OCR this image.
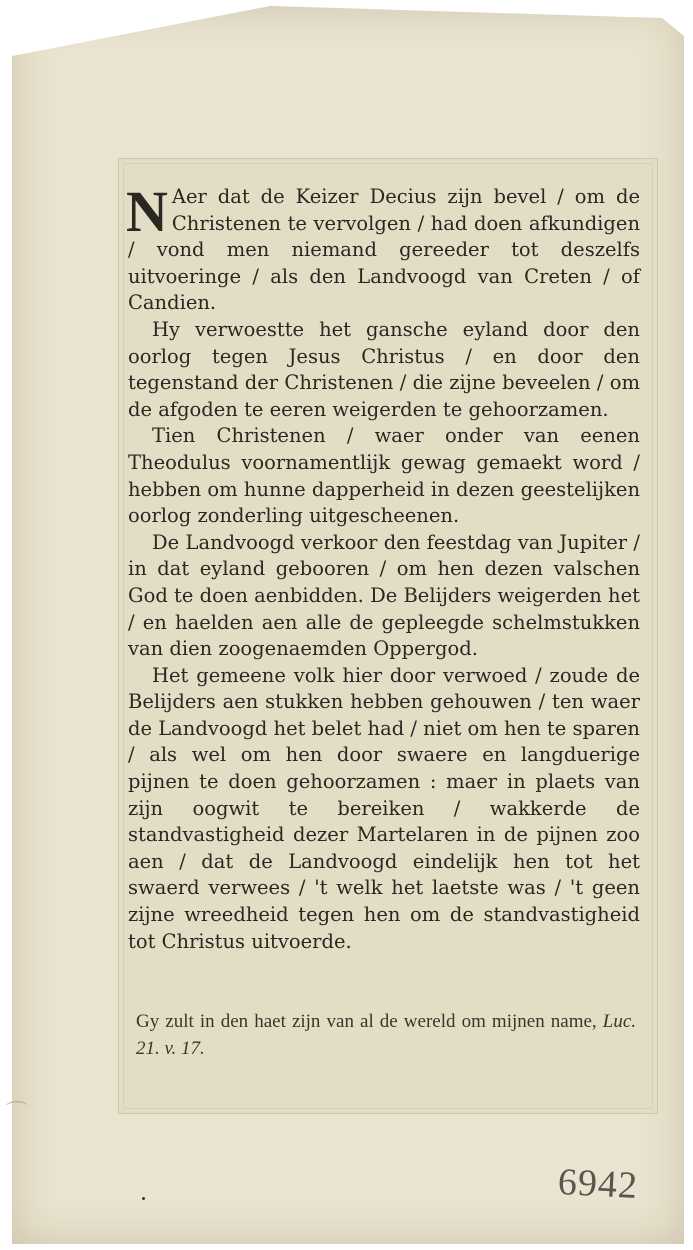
N Aer dat de Keizer Decius zijn bevel / om de Christenen te vervolgen / had doen afkundigen / vond men niemand gereeder tot deszelfs uitvoeringe / als den Landvoogd van Creten / of Candien.

Hy verwoestte het gansche eyland door den oorlog tegen Jesus Christus / en door den tegenstand der Christenen / die zijne beveelen / om de afgoden te eeren weigerden te gehoorzamen.

Tien Christenen / waer onder van eenen Theodulus voornamentlijk gewag gemaekt word / hebben om hunne dapperheid in dezen geestelijken oorlog zonderling uitgescheenen.

De Landvoogd verkoor den feestdag van Jupiter / in dat eyland gebooren / om hen dezen valschen God te doen aenbidden. De Belijders weigerden het / en haelden aen alle de gepleegde schelmstukken van dien zoogenaemden Oppergod.

Het gemeene volk hier door verwoed / zoude de Belijders aen stukken hebben gehouwen / ten waer de Landvoogd het belet had / niet om hen te sparen / als wel om hen door swaere en langduerige pijnen te doen gehoorzamen : maer in plaets van zijn oogwit te bereiken / wakkerde de standvastigheid dezer Martelaren in de pijnen zoo aen / dat de Landvoogd eindelijk hen tot het swaerd verwees / 't welk het laetste was / 't geen zijne wreedheid tegen hen om de standvastigheid tot Christus uitvoerde.

Gy zult in den haet zijn van al de wereld om mijnen name, Luc. 21. v. 17.
⌒
6942
